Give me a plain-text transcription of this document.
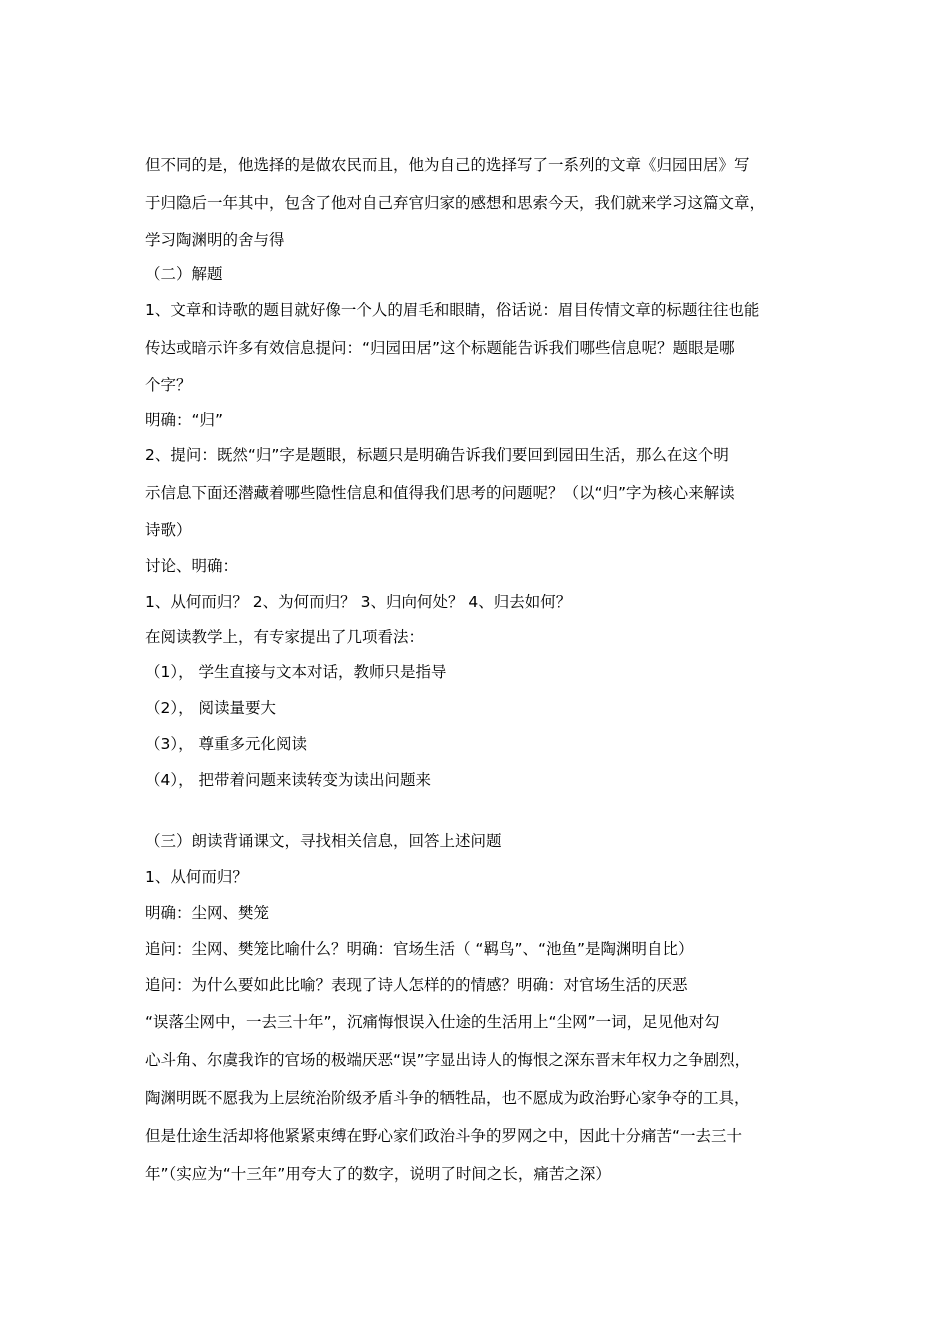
但不同的是，他选择的是做农民而且，他为自己的选择写了一系列的文章《归园田居》写
于归隐后一年其中，包含了他对自己弃官归家的感想和思索今天，我们就来学习这篇文章，
学习陶渊明的舍与得
（二）解题
1、文章和诗歌的题目就好像一个人的眉毛和眼睛，俗话说：眉目传情文章的标题往往也能
传达或暗示许多有效信息提问：“归园田居”这个标题能告诉我们哪些信息呢？题眼是哪
个字？
明确：“归”
2、提问：既然“归”字是题眼，标题只是明确告诉我们要回到园田生活，那么在这个明
示信息下面还潜藏着哪些隐性信息和值得我们思考的问题呢？（以“归”字为核心来解读
诗歌）
讨论、明确：
1、从何而归？ 2、为何而归？ 3、归向何处？ 4、归去如何？
在阅读教学上，有专家提出了几项看法：
（1）， 学生直接与文本对话，教师只是指导
（2）， 阅读量要大
（3）， 尊重多元化阅读
（4）， 把带着问题来读转变为读出问题来
（三）朗读背诵课文，寻找相关信息，回答上述问题
1、从何而归？
明确：尘网、樊笼
追问：尘网、樊笼比喻什么？明确：官场生活（ “羁鸟”、“池鱼”是陶渊明自比）
追问：为什么要如此比喻？表现了诗人怎样的的情感？明确：对官场生活的厌恶
“误落尘网中，一去三十年”，沉痛悔恨误入仕途的生活用上“尘网”一词，足见他对勾
心斗角、尔虞我诈的官场的极端厌恶“误”字显出诗人的悔恨之深东晋末年权力之争剧烈，
陶渊明既不愿我为上层统治阶级矛盾斗争的牺牲品，也不愿成为政治野心家争夺的工具，
但是仕途生活却将他紧紧束缚在野心家们政治斗争的罗网之中，因此十分痛苦“一去三十
年”（实应为“十三年”用夸大了的数字，说明了时间之长，痛苦之深）
